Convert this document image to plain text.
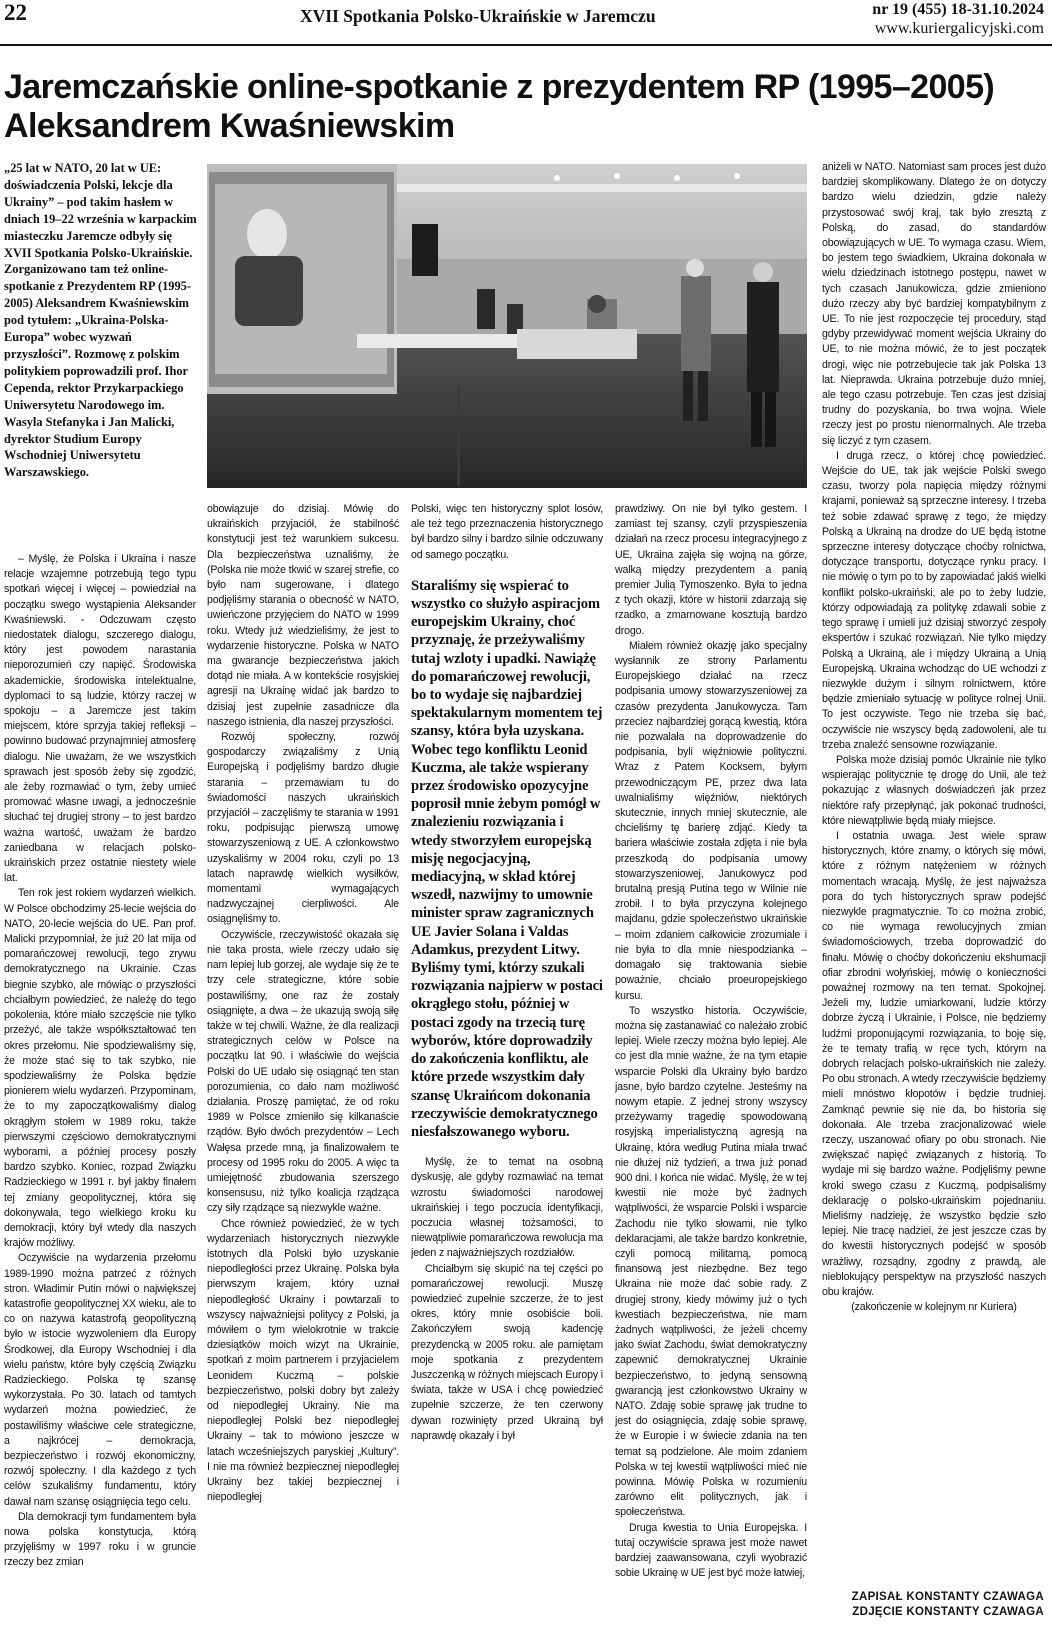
22	XVII Spotkania Polsko-Ukraińskie w Jaremczu	nr 19 (455) 18-31.10.2024
www.kuriergalicyjski.com
Jaremczańskie online-spotkanie z prezydentem RP (1995–2005) Aleksandrem Kwaśniewskim

„25 lat w NATO, 20 lat w UE: doświadczenia Polski, lekcje dla Ukrainy” – pod takim hasłem w dniach 19–22 września w karpackim miasteczku Jaremcze odbyły się XVII Spotkania Polsko-Ukraińskie. Zorganizowano tam też online-spotkanie z Prezydentem RP (1995-2005) Aleksandrem Kwaśniewskim pod tytułem: „Ukraina-Polska-Europa” wobec wyzwań przyszłości”. Rozmowę z polskim politykiem poprowadzili prof. Ihor Cependa, rektor Przykarpackiego Uniwersytetu Narodowego im. Wasyla Stefanyka i Jan Malicki, dyrektor Studium Europy Wschodniej Uniwersytetu Warszawskiego.

– Myślę, że Polska i Ukraina i nasze relacje wzajemne potrzebują tego typu spotkań więcej i więcej – powiedział na początku swego wystąpienia Aleksander Kwaśniewski. - Odczuwam często niedostatek dialogu, szczerego dialogu, który jest powodem narastania nieporozumień czy napięć. Środowiska akademickie, środowiska intelektualne, dyplomaci to są ludzie, którzy raczej w spokoju – a Jaremcze jest takim miejscem, które sprzyja takiej refleksji – powinno budować przynajmniej atmosferę dialogu. Nie uważam, że we wszystkich sprawach jest sposób żeby się zgodzić, ale żeby rozmawiać o tym, żeby umieć promować własne uwagi, a jednocześnie słuchać tej drugiej strony – to jest bardzo ważna wartość, uważam że bardzo zaniedbana w relacjach polsko-ukraińskich przez ostatnie niestety wiele lat.

Ten rok jest rokiem wydarzeń wielkich. W Polsce obchodzimy 25-lecie wejścia do NATO, 20-lecie wejścia do UE. Pan prof. Malicki przypomniał, że już 20 lat mija od pomarańczowej rewolucji, tego zrywu demokratycznego na Ukrainie. Czas biegnie szybko, ale mówiąc o przyszłości chciałbym powiedzieć, że należę do tego pokolenia, które miało szczęście nie tylko przeżyć, ale także współkształtować ten okres przełomu. Nie spodziewaliśmy się, że może stać się to tak szybko, nie spodziewaliśmy że Polska będzie pionierem wielu wydarzeń. Przypominam, że to my zapoczątkowaliśmy dialog okrągłym stołem w 1989 roku, także pierwszymi częściowo demokratycznymi wyborami, a później procesy poszły bardzo szybko. Koniec, rozpad Związku Radzieckiego w 1991 r. był jakby finałem tej zmiany geopolitycznej, która się dokonywała, tego wielkiego kroku ku demokracji, który był wtedy dla naszych krajów możliwy.

Oczywiście na wydarzenia przełomu 1989-1990 można patrzeć z różnych stron. Władimir Putin mówi o największej katastrofie geopolitycznej XX wieku, ale to co on nazywa katastrofą geopolityczną było w istocie wyzwoleniem dla Europy Środkowej, dla Europy Wschodniej i dla wielu państw, które były częścią Związku Radzieckiego. Polska tę szansę wykorzystała. Po 30. latach od tamtych wydarzeń można powiedzieć, że postawiliśmy właściwe cele strategiczne, a najkrócej – demokracja, bezpieczeństwo i rozwój ekonomiczny, rozwój społeczny. I dla każdego z tych celów szukaliśmy fundamentu, który dawał nam szansę osiągnięcia tego celu.

Dla demokracji tym fundamentem była nowa polska konstytucja, którą przyjęliśmy w 1997 roku i w gruncie rzeczy bez zmian

obowiązuje do dzisiaj. Mówię do ukraińskich przyjaciół, że stabilność konstytucji jest też warunkiem sukcesu. Dla bezpieczeństwa uznaliśmy, że (Polska nie może tkwić w szarej strefie, co było nam sugerowane, i dlatego podjęliśmy starania o obecność w NATO, uwieńczone przyjęciem do NATO w 1999 roku. Wtedy już wiedzieliśmy, że jest to wydarzenie historyczne. Polska w NATO ma gwarancje bezpieczeństwa jakich dotąd nie miała. A w kontekście rosyjskiej agresji na Ukrainę widać jak bardzo to dzisiaj jest zupełnie zasadnicze dla naszego istnienia, dla naszej przyszłości.

Rozwój społeczny, rozwój gospodarczy związaliśmy z Unią Europejską i podjęliśmy bardzo długie starania – przemawiam tu do świadomości naszych ukraińskich przyjaciół – zaczęliśmy te starania w 1991 roku, podpisując pierwszą umowę stowarzyszeniową z UE. A członkowstwo uzyskaliśmy w 2004 roku, czyli po 13 latach naprawdę wielkich wysiłków, momentami wymagających nadzwyczajnej cierpliwości. Ale osiągnęliśmy to.

Oczywiście, rzeczywistość okazała się nie taka prosta, wiele rzeczy udało się nam lepiej lub gorzej, ale wydaje się że te trzy cele strategiczne, które sobie postawiliśmy, one raz że zostały osiągnięte, a dwa – że ukazują swoją siłę także w tej chwili. Ważne, że dla realizacji strategicznych celów w Polsce na początku lat 90. i właściwie do wejścia Polski do UE udało się osiągnąć ten stan porozumienia, co dało nam możliwość działania. Proszę pamiętać, że od roku 1989 w Polsce zmieniło się kilkanaście rządów. Było dwóch prezydentów – Lech Wałęsa przede mną, ja finalizowałem te procesy od 1995 roku do 2005. A więc ta umiejętność zbudowania szerszego konsensusu, niż tylko koalicja rządząca czy siły rządzące są niezwykle ważne.

Chce również powiedzieć, że w tych wydarzeniach historycznych niezwykle istotnych dla Polski było uzyskanie niepodległości przez Ukrainę. Polska była pierwszym krajem, który uznał niepodległość Ukrainy i powtarzali to wszyscy najważniejsi politycy z Polski, ja mówiłem o tym wielokrotnie w trakcie dziesiątków moich wizyt na Ukrainie, spotkań z moim partnerem i przyjacielem Leonidem Kuczmą – polskie bezpieczeństwo, polski dobry byt zależy od niepodległej Ukrainy. Nie ma niepodległej Polski bez niepodległej Ukrainy – tak to mówiono jeszcze w latach wcześniejszych paryskiej „Kultury”. I nie ma również bezpiecznej niepodległej Ukrainy bez takiej bezpiecznej i niepodległej

Polski, więc ten historyczny splot losów, ale też tego przeznaczenia historycznego był bardzo silny i bardzo silnie odczuwany od samego początku.

Staraliśmy się wspierać to wszystko co służyło aspiracjom europejskim Ukrainy, choć przyznaję, że przeżywaliśmy tutaj wzloty i upadki. Nawiążę do pomarańczowej rewolucji, bo to wydaje się najbardziej spektakularnym momentem tej szansy, która była uzyskana. Wobec tego konfliktu Leonid Kuczma, ale także wspierany przez środowisko opozycyjne poprosił mnie żebym pomógł w znalezieniu rozwiązania i wtedy stworzyłem europejską misję negocjacyjną, mediacyjną, w skład której wszedł, nazwijmy to umownie minister spraw zagranicznych UE Javier Solana i Valdas Adamkus, prezydent Litwy. Byliśmy tymi, którzy szukali rozwiązania najpierw w postaci okrągłego stołu, później w postaci zgody na trzecią turę wyborów, które doprowadziły do zakończenia konfliktu, ale które przede wszystkim dały szansę Ukraińcom dokonania rzeczywiście demokratycznego niesfałszowanego wyboru.

Myślę, że to temat na osobną dyskusję, ale gdyby rozmawiać na temat wzrostu świadomości narodowej ukraińskiej i tego poczucia identyfikacji, poczucia własnej tożsamości, to niewątpliwie pomarańczowa rewolucja ma jeden z najważniejszych rozdziałów.

Chciałbym się skupić na tej części po pomarańczowej rewolucji. Muszę powiedzieć zupełnie szczerze, że to jest okres, który mnie osobiście boli. Zakończyłem swoją kadencję prezydencką w 2005 roku. ale pamiętam moje spotkania z prezydentem Juszczenką w różnych miejscach Europy i świata, także w USA i chcę powiedzieć zupełnie szczerze, że ten czerwony dywan rozwinięty przed Ukrainą był naprawdę okazały i był

prawdziwy. On nie był tylko gestem. I zamiast tej szansy, czyli przyspieszenia działań na rzecz procesu integracyjnego z UE, Ukraina zajęła się wojną na górze, walką między prezydentem a panią premier Julią Tymoszenko. Była to jedna z tych okazji, które w historii zdarzają się rzadko, a zmarnowane kosztują bardzo drogo.

Miałem również okazję jako specjalny wysłannik ze strony Parlamentu Europejskiego działać na rzecz podpisania umowy stowarzyszeniowej za czasów prezydenta Janukowycza. Tam przeciez najbardziej gorącą kwestią, która nie pozwalała na doprowadzenie do podpisania, byli więźniowie polityczni. Wraz z Patem Kocksem, byłym przewodniczącym PE, przez dwa lata uwalnialiśmy więźniów, niektórych skutecznie, innych mniej skutecznie, ale chcieliśmy tę barierę zdjąć. Kiedy ta bariera właściwie została zdjęta i nie była przeszkodą do podpisania umowy stowarzyszeniowej, Janukowycz pod brutalną presją Putina tego w Wilnie nie zrobił. I to była przyczyna kolejnego majdanu, gdzie społeczeństwo ukraińskie – moim zdaniem całkowicie zrozumiale i nie była to dla mnie niespodzianka – domagało się traktowania siebie poważnie, chciało proeuropejskiego kursu.

To wszystko historia. Oczywiście, można się zastanawiać co należało zrobić lepiej. Wiele rzeczy można było lepiej. Ale co jest dla mnie ważne, że na tym etapie wsparcie Polski dla Ukrainy było bardzo jasne, było bardzo czytelne. Jesteśmy na nowym etapie. Z jednej strony wszyscy przeżywamy tragedię spowodowaną rosyjską imperialistyczną agresją na Ukrainę, która według Putina miała trwać nie dłużej niż tydzień, a trwa już ponad 900 dni. I końca nie widać. Myślę, że w tej kwestii nie może być żadnych wątpliwości, że wsparcie Polski i wsparcie Zachodu nie tylko słowami, nie tylko deklaracjami, ale także bardzo konkretnie, czyli pomocą militarną, pomocą finansową jest niezbędne. Bez tego Ukraina nie może dać sobie rady. Z drugiej strony, kiedy mówimy już o tych kwestiach bezpieczeństwa, nie mam żadnych wątpliwości, że jeżeli chcemy jako świat Zachodu, świat demokratyczny zapewnić demokratycznej Ukrainie bezpieczeństwo, to jedyną sensowną gwarancją jest członkowstwo Ukrainy w NATO. Zdaję sobie sprawę jak trudne to jest do osiągnięcia, zdaję sobie sprawę, że w Europie i w świecie zdania na ten temat są podzielone. Ale moim zdaniem Polska w tej kwestii wątpliwości mieć nie powinna. Mówię Polska w rozumieniu zarówno elit politycznych, jak i społeczeństwa.

Druga kwestia to Unia Europejska. I tutaj oczywiście sprawa jest może nawet bardziej zaawansowana, czyli wyobrazić sobie Ukrainę w UE jest być może łatwiej,

aniżeli w NATO. Natomiast sam proces jest dużo bardziej skomplikowany. Dlatego że on dotyczy bardzo wielu dziedzin, gdzie należy przystosować swój kraj, tak było zresztą z Polską, do zasad, do standardów obowiązujących w UE. To wymaga czasu. Wiem, bo jestem tego świadkiem, Ukraina dokonała w wielu dziedzinach istotnego postępu, nawet w tych czasach Janukowicza, gdzie zmieniono dużo rzeczy aby być bardziej kompatybilnym z UE. To nie jest rozpoczęcie tej procedury, stąd gdyby przewidywać moment wejścia Ukrainy do UE, to nie można mówić, że to jest początek drogi, więc nie potrzebujecie tak jak Polska 13 lat. Nieprawda. Ukraina potrzebuje dużo mniej, ale tego czasu potrzebuje. Ten czas jest dzisiaj trudny do pozyskania, bo trwa wojna. Wiele rzeczy jest po prostu nienormalnych. Ale trzeba się liczyć z tym czasem.

I druga rzecz, o której chcę powiedzieć. Wejście do UE, tak jak wejście Polski swego czasu, tworzy pola napięcia między różnymi krajami, ponieważ są sprzeczne interesy. I trzeba też sobie zdawać sprawę z tego, że między Polską a Ukrainą na drodze do UE będą istotne sprzeczne interesy dotyczące choćby rolnictwa, dotyczące transportu, dotyczące rynku pracy. I nie mówię o tym po to by zapowiadać jakiś wielki konflikt polsko-ukraiński, ale po to żeby ludzie, którzy odpowiadają za politykę zdawali sobie z tego sprawę i umieli już dzisiaj stworzyć zespoły ekspertów i szukać rozwiązań. Nie tylko między Polską a Ukrainą, ale i między Ukrainą a Unią Europejską. Ukraina wchodząc do UE wchodzi z niezwykle dużym i silnym rolnictwem, które będzie zmieniało sytuację w polityce rolnej Unii. To jest oczywiste. Tego nie trzeba się bać, oczywiście nie wszyscy będą zadowoleni, ale tu trzeba znaleźć sensowne rozwiązanie.

Polska może dzisiaj pomóc Ukrainie nie tylko wspierając politycznie tę drogę do Unii, ale też pokazując z własnych doświadczeń jak przez niektóre rafy przepłynąć, jak pokonać trudności, które niewątpliwie będą miały miejsce.

I ostatnia uwaga. Jest wiele spraw historycznych, które znamy, o których się mówi, które z różnym natężeniem w różnych momentach wracają. Myślę, że jest najważsza pora do tych historycznych spraw podejść niezwykle pragmatycznie. To co można zrobić, co nie wymaga rewolucyjnych zmian świadomościowych, trzeba doprowadzić do finału. Mówię o choćby dokończeniu ekshumacji ofiar zbrodni wołyńskiej, mówię o konieczności poważnej rozmowy na ten temat. Spokojnej. Jeżeli my, ludzie umiarkowani, ludzie którzy dobrze życzą i Ukrainie, i Polsce, nie będziemy ludźmi proponującymi rozwiązania, to boję się, że te tematy trafią w ręce tych, którym na dobrych relacjach polsko-ukraińskich nie zależy. Po obu stronach. A wtedy rzeczywiście będziemy mieli mnóstwo kłopotów i będzie trudniej. Zamknąć pewnie się nie da, bo historia się dokonała. Ale trzeba zracjonalizować wiele rzeczy, uszanować ofiary po obu stronach. Nie zwiększać napięć związanych z historią. To wydaje mi się bardzo ważne. Podjęliśmy pewne kroki swego czasu z Kuczmą, podpisaliśmy deklarację o polsko-ukraińskim pojednaniu. Mieliśmy nadzieję, że wszystko będzie szło lepiej. Nie tracę nadziei, że jest jeszcze czas by do kwestii historycznych podejść w sposób wrażliwy, rozsądny, zgodny z prawdą, ale nieblokujący perspektyw na przyszłość naszych obu krajów.

(zakończenie w kolejnym nr Kuriera)

ZAPISAŁ KONSTANTY CZAWAGA
ZDJĘCIE KONSTANTY CZAWAGA
